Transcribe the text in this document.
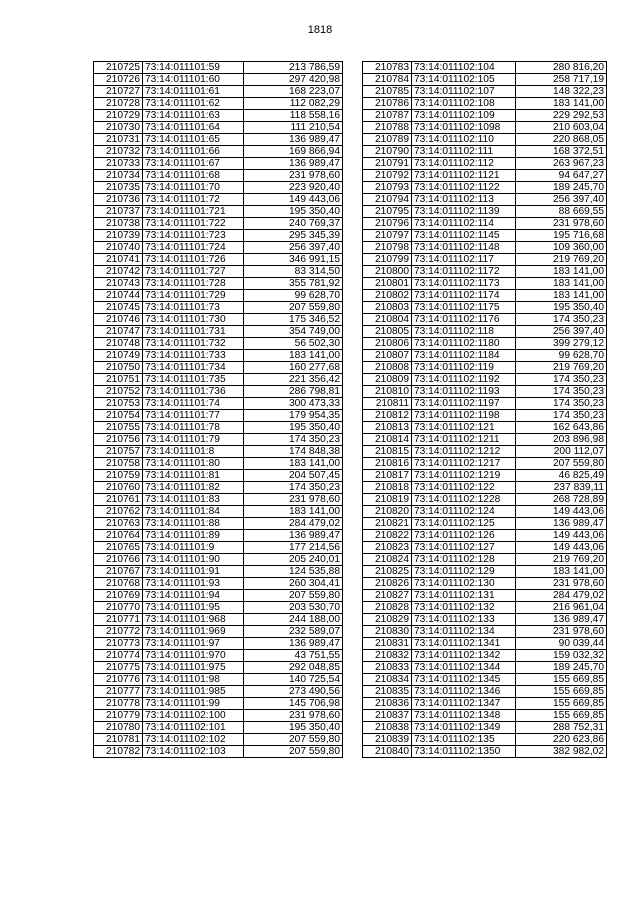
1818
210725	73:14:011101:59	213 786,59
210726	73:14:011101:60	297 420,98
210727	73:14:011101:61	168 223,07
210728	73:14:011101:62	112 082,29
210729	73:14:011101:63	118 558,16
210730	73:14:011101:64	111 210,54
210731	73:14:011101:65	136 989,47
210732	73:14:011101:66	169 866,94
210733	73:14:011101:67	136 989,47
210734	73:14:011101:68	231 978,60
210735	73:14:011101:70	223 920,40
210736	73:14:011101:72	149 443,06
210737	73:14:011101:721	195 350,40
210738	73:14:011101:722	240 769,37
210739	73:14:011101:723	295 345,39
210740	73:14:011101:724	256 397,40
210741	73:14:011101:726	346 991,15
210742	73:14:011101:727	83 314,50
210743	73:14:011101:728	355 781,92
210744	73:14:011101:729	99 628,70
210745	73:14:011101:73	207 559,80
210746	73:14:011101:730	175 346,52
210747	73:14:011101:731	354 749,00
210748	73:14:011101:732	56 502,30
210749	73:14:011101:733	183 141,00
210750	73:14:011101:734	160 277,68
210751	73:14:011101:735	221 356,42
210752	73:14:011101:736	286 798,81
210753	73:14:011101:74	300 473,33
210754	73:14:011101:77	179 954,35
210755	73:14:011101:78	195 350,40
210756	73:14:011101:79	174 350,23
210757	73:14:011101:8	174 848,38
210758	73:14:011101:80	183 141,00
210759	73:14:011101:81	204 507,45
210760	73:14:011101:82	174 350,23
210761	73:14:011101:83	231 978,60
210762	73:14:011101:84	183 141,00
210763	73:14:011101:88	284 479,02
210764	73:14:011101:89	136 989,47
210765	73:14:011101:9	177 214,56
210766	73:14:011101:90	205 240,01
210767	73:14:011101:91	124 535,88
210768	73:14:011101:93	260 304,41
210769	73:14:011101:94	207 559,80
210770	73:14:011101:95	203 530,70
210771	73:14:011101:968	244 188,00
210772	73:14:011101:969	232 589,07
210773	73:14:011101:97	136 989,47
210774	73:14:011101:970	43 751,55
210775	73:14:011101:975	292 048,85
210776	73:14:011101:98	140 725,54
210777	73:14:011101:985	273 490,56
210778	73:14:011101:99	145 706,98
210779	73:14:011102:100	231 978,60
210780	73:14:011102:101	195 350,40
210781	73:14:011102:102	207 559,80
210782	73:14:011102:103	207 559,80
210783	73:14:011102:104	280 816,20
210784	73:14:011102:105	258 717,19
210785	73:14:011102:107	148 322,23
210786	73:14:011102:108	183 141,00
210787	73:14:011102:109	229 292,53
210788	73:14:011102:1098	210 603,04
210789	73:14:011102:110	220 868,05
210790	73:14:011102:111	168 372,51
210791	73:14:011102:112	263 967,23
210792	73:14:011102:1121	94 647,27
210793	73:14:011102:1122	189 245,70
210794	73:14:011102:113	256 397,40
210795	73:14:011102:1139	88 669,55
210796	73:14:011102:114	231 978,60
210797	73:14:011102:1145	195 716,68
210798	73:14:011102:1148	109 360,00
210799	73:14:011102:117	219 769,20
210800	73:14:011102:1172	183 141,00
210801	73:14:011102:1173	183 141,00
210802	73:14:011102:1174	183 141,00
210803	73:14:011102:1175	195 350,40
210804	73:14:011102:1176	174 350,23
210805	73:14:011102:118	256 397,40
210806	73:14:011102:1180	399 279,12
210807	73:14:011102:1184	99 628,70
210808	73:14:011102:119	219 769,20
210809	73:14:011102:1192	174 350,23
210810	73:14:011102:1193	174 350,23
210811	73:14:011102:1197	174 350,23
210812	73:14:011102:1198	174 350,23
210813	73:14:011102:121	162 643,86
210814	73:14:011102:1211	203 896,98
210815	73:14:011102:1212	200 112,07
210816	73:14:011102:1217	207 559,80
210817	73:14:011102:1219	46 825,49
210818	73:14:011102:122	237 839,11
210819	73:14:011102:1228	268 728,89
210820	73:14:011102:124	149 443,06
210821	73:14:011102:125	136 989,47
210822	73:14:011102:126	149 443,06
210823	73:14:011102:127	149 443,06
210824	73:14:011102:128	219 769,20
210825	73:14:011102:129	183 141,00
210826	73:14:011102:130	231 978,60
210827	73:14:011102:131	284 479,02
210828	73:14:011102:132	216 961,04
210829	73:14:011102:133	136 989,47
210830	73:14:011102:134	231 978,60
210831	73:14:011102:1341	90 039,44
210832	73:14:011102:1342	159 032,32
210833	73:14:011102:1344	189 245,70
210834	73:14:011102:1345	155 669,85
210835	73:14:011102:1346	155 669,85
210836	73:14:011102:1347	155 669,85
210837	73:14:011102:1348	155 669,85
210838	73:14:011102:1349	288 752,31
210839	73:14:011102:135	220 623,86
210840	73:14:011102:1350	382 982,02
